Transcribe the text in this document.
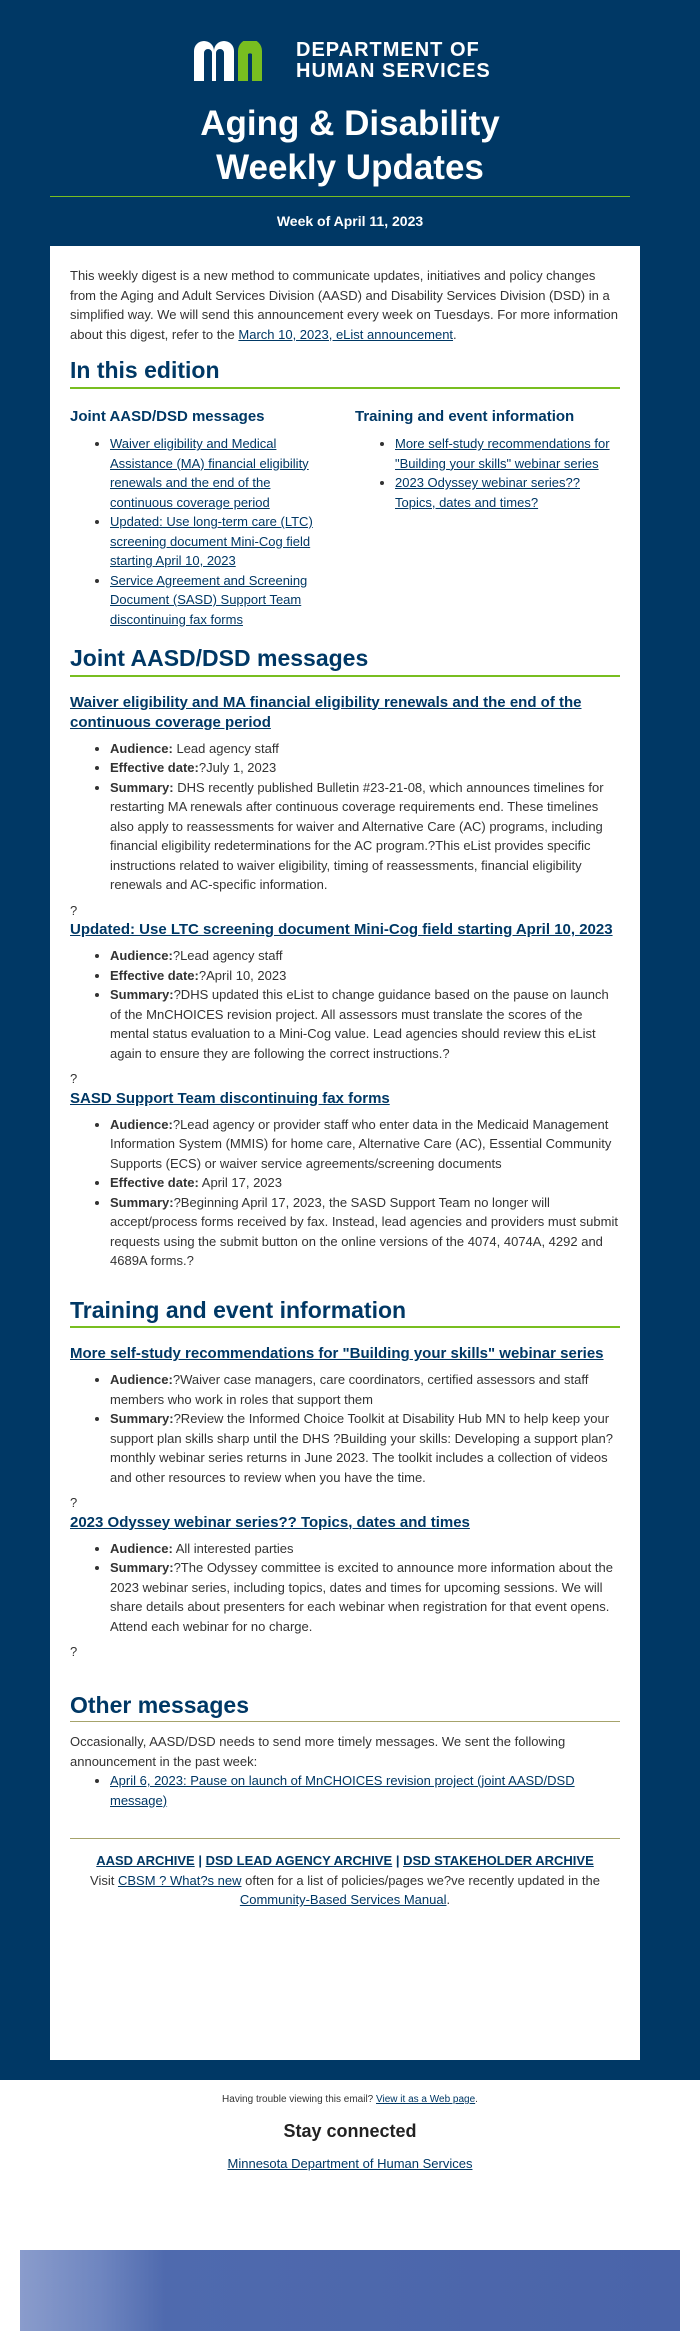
DEPARTMENT OF
HUMAN SERVICES
Aging & Disability
Weekly Updates
Week of April 11, 2023

This weekly digest is a new method to communicate updates, initiatives and policy changes from the Aging and Adult Services Division (AASD) and Disability Services Division (DSD) in a simplified way. We will send this announcement every week on Tuesdays. For more information about this digest, refer to the March 10, 2023, eList announcement.

In this edition
Joint AASD/DSD messages
• Waiver eligibility and Medical Assistance (MA) financial eligibility renewals and the end of the continuous coverage period
• Updated: Use long-term care (LTC) screening document Mini-Cog field starting April 10, 2023
• Service Agreement and Screening Document (SASD) Support Team discontinuing fax forms
Training and event information
• More self-study recommendations for "Building your skills" webinar series
• 2023 Odyssey webinar series?? Topics, dates and times?
Joint AASD/DSD messages
Waiver eligibility and MA financial eligibility renewals and the end of the continuous coverage period
• Audience: Lead agency staff
• Effective date:?July 1, 2023
• Summary: DHS recently published Bulletin #23-21-08, which announces timelines for restarting MA renewals after continuous coverage requirements end. These timelines also apply to reassessments for waiver and Alternative Care (AC) programs, including financial eligibility redeterminations for the AC program.?This eList provides specific instructions related to waiver eligibility, timing of reassessments, financial eligibility renewals and AC-specific information.
?
Updated: Use LTC screening document Mini-Cog field starting April 10, 2023
• Audience:?Lead agency staff
• Effective date:?April 10, 2023
• Summary:?DHS updated this eList to change guidance based on the pause on launch of the MnCHOICES revision project. All assessors must translate the scores of the mental status evaluation to a Mini-Cog value. Lead agencies should review this eList again to ensure they are following the correct instructions.?
?
SASD Support Team discontinuing fax forms
• Audience:?Lead agency or provider staff who enter data in the Medicaid Management Information System (MMIS) for home care, Alternative Care (AC), Essential Community Supports (ECS) or waiver service agreements/screening documents
• Effective date: April 17, 2023
• Summary:?Beginning April 17, 2023, the SASD Support Team no longer will accept/process forms received by fax. Instead, lead agencies and providers must submit requests using the submit button on the online versions of the 4074, 4074A, 4292 and 4689A forms.?
Training and event information
More self-study recommendations for "Building your skills" webinar series
• Audience:?Waiver case managers, care coordinators, certified assessors and staff members who work in roles that support them
• Summary:?Review the Informed Choice Toolkit at Disability Hub MN to help keep your support plan skills sharp until the DHS ?Building your skills: Developing a support plan? monthly webinar series returns in June 2023. The toolkit includes a collection of videos and other resources to review when you have the time.
?
2023 Odyssey webinar series?? Topics, dates and times
• Audience: All interested parties
• Summary:?The Odyssey committee is excited to announce more information about the 2023 webinar series, including topics, dates and times for upcoming sessions. We will share details about presenters for each webinar when registration for that event opens. Attend each webinar for no charge.
?
Other messages

Occasionally, AASD/DSD needs to send more timely messages. We sent the following announcement in the past week:

• April 6, 2023: Pause on launch of MnCHOICES revision project (joint AASD/DSD message)
AASD ARCHIVE | DSD LEAD AGENCY ARCHIVE | DSD STAKEHOLDER ARCHIVE
Visit CBSM ? What?s new often for a list of policies/pages we?ve recently updated in the Community-Based Services Manual.
Having trouble viewing this email? View it as a Web page.
Stay connected
Minnesota Department of Human Services
